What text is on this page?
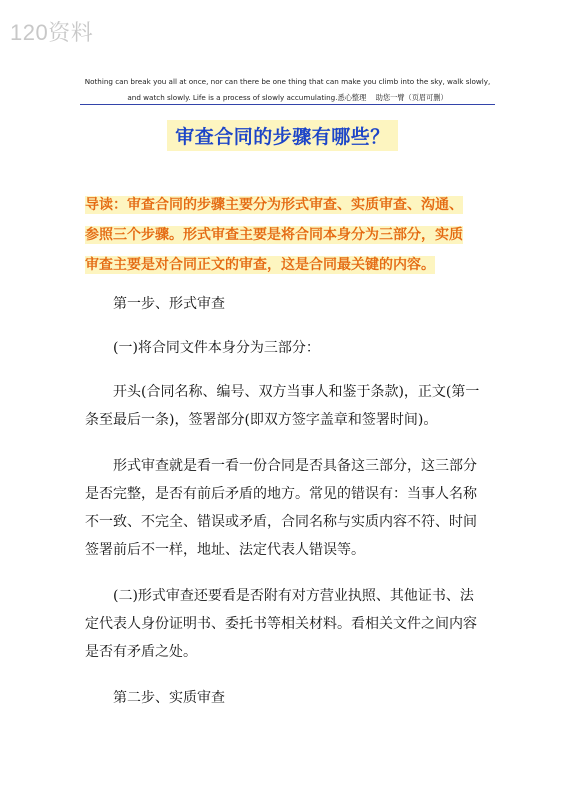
120资料
Nothing can break you all at once, nor can there be one thing that can make you climb into the sky, walk slowly,
and watch slowly. Life is a process of slowly accumulating.悉心整理　 助您一臂（页眉可删）
审查合同的步骤有哪些？
导读：审查合同的步骤主要分为形式审查、实质审查、沟通、
参照三个步骤。形式审查主要是将合同本身分为三部分，实质
审查主要是对合同正文的审查，这是合同最关键的内容。

第一步、形式审查

(一)将合同文件本身分为三部分：

开头(合同名称、编号、双方当事人和鉴于条款)，正文(第一条至最后一条)，签署部分(即双方签字盖章和签署时间)。

形式审查就是看一看一份合同是否具备这三部分，这三部分是否完整，是否有前后矛盾的地方。常见的错误有：当事人名称不一致、不完全、错误或矛盾，合同名称与实质内容不符、时间签署前后不一样，地址、法定代表人错误等。

(二)形式审查还要看是否附有对方营业执照、其他证书、法定代表人身份证明书、委托书等相关材料。看相关文件之间内容是否有矛盾之处。

第二步、实质审查
